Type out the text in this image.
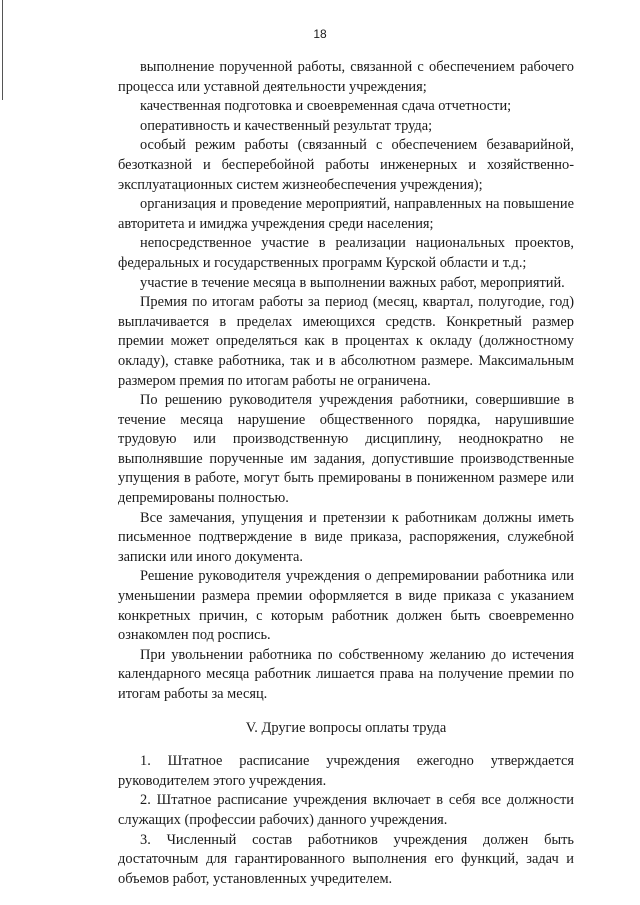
18

выполнение порученной работы, связанной с обеспечением рабочего процесса или уставной деятельности учреждения;

качественная подготовка и своевременная сдача отчетности;

оперативность и качественный результат труда;

особый режим работы (связанный с обеспечением безаварийной, безотказной и бесперебойной работы инженерных и хозяйственно-эксплуатационных систем жизнеобеспечения учреждения);

организация и проведение мероприятий, направленных на повышение авторитета и имиджа учреждения среди населения;

непосредственное участие в реализации национальных проектов, федеральных и государственных программ Курской области и т.д.;

участие в течение месяца в выполнении важных работ, мероприятий.

Премия по итогам работы за период (месяц, квартал, полугодие, год) выплачивается в пределах имеющихся средств. Конкретный размер премии может определяться как в процентах к окладу (должностному окладу), ставке работника, так и в абсолютном размере. Максимальным размером премия по итогам работы не ограничена.

По решению руководителя учреждения работники, совершившие в течение месяца нарушение общественного порядка, нарушившие трудовую или производственную дисциплину, неоднократно не выполнявшие порученные им задания, допустившие производственные упущения в работе, могут быть премированы в пониженном размере или депремированы полностью.

Все замечания, упущения и претензии к работникам должны иметь письменное подтверждение в виде приказа, распоряжения, служебной записки или иного документа.

Решение руководителя учреждения о депремировании работника или уменьшении размера премии оформляется в виде приказа с указанием конкретных причин, с которым работник должен быть своевременно ознакомлен под роспись.

При увольнении работника по собственному желанию до истечения календарного месяца работник лишается права на получение премии по итогам работы за месяц.

V. Другие вопросы оплаты труда

1. Штатное расписание учреждения ежегодно утверждается руководителем этого учреждения.

2. Штатное расписание учреждения включает в себя все должности служащих (профессии рабочих) данного учреждения.

3. Численный состав работников учреждения должен быть достаточным для гарантированного выполнения его функций, задач и объемов работ, установленных учредителем.
